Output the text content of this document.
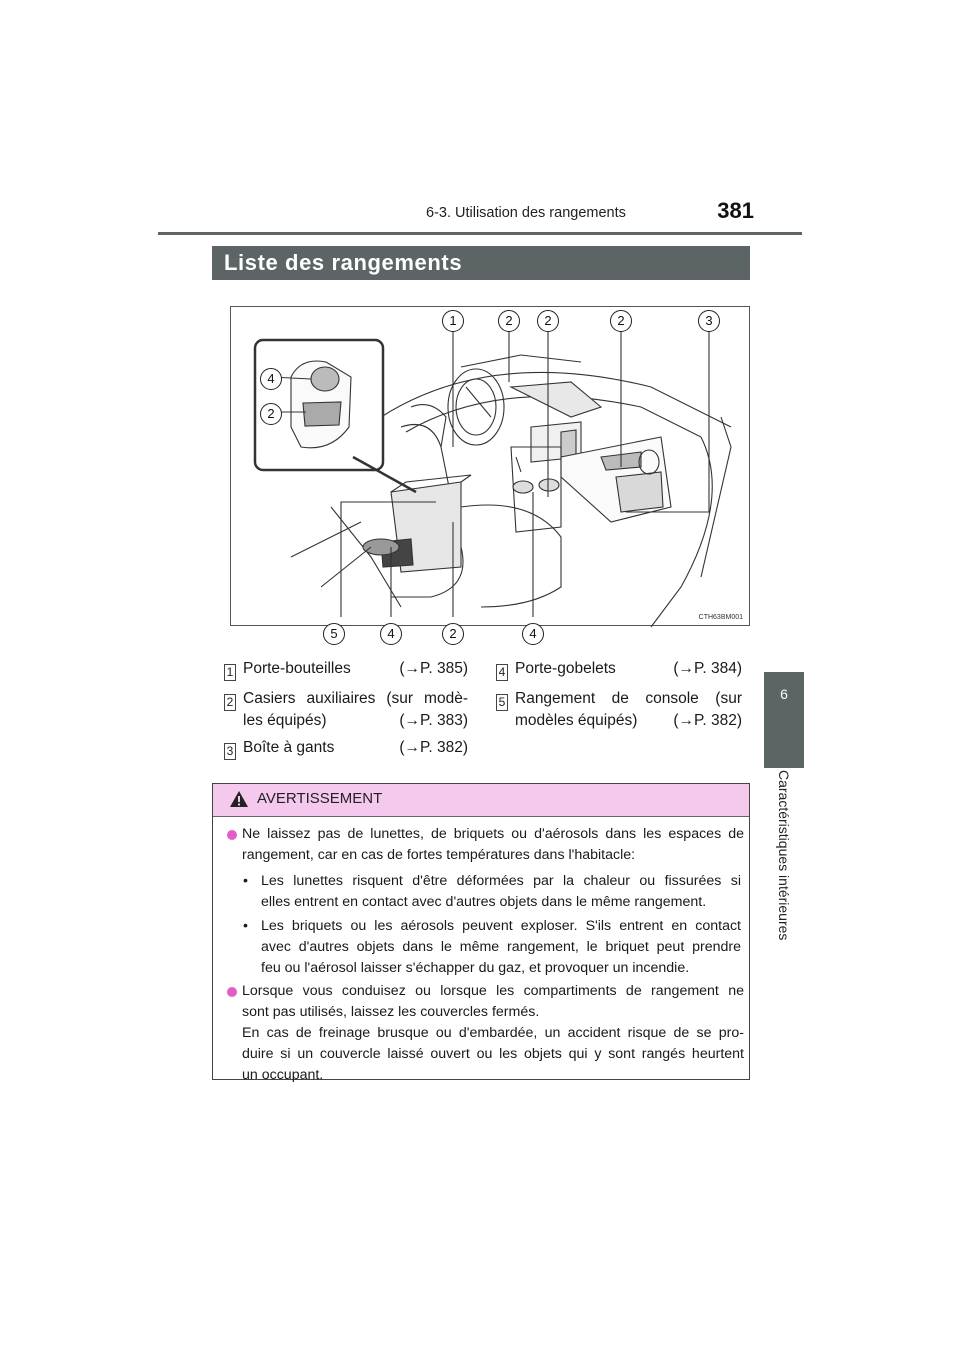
6-3. Utilisation des rangements	381
6
Caractéristiques intérieures
Liste des rangements
4
2
1	2	2	2	3
5	4	2	4
CTH63BM001
1 Porte-bouteilles	(→P. 385)
2 Casiers auxiliaires (sur modè-
les équipés)	(→P. 383)
3 Boîte à gants	(→P. 382)
4 Porte-gobelets	(→P. 384)
5 Rangement de console (sur
modèles équipés) (→P. 382)
AVERTISSEMENT
Ne laissez pas de lunettes, de briquets ou d'aérosols dans les espaces de
rangement, car en cas de fortes températures dans l'habitacle:
• Les lunettes risquent d'être déformées par la chaleur ou fissurées si
elles entrent en contact avec d'autres objets dans le même rangement.
• Les briquets ou les aérosols peuvent exploser. S'ils entrent en contact
avec d'autres objets dans le même rangement, le briquet peut prendre
feu ou l'aérosol laisser s'échapper du gaz, et provoquer un incendie.
Lorsque vous conduisez ou lorsque les compartiments de rangement ne
sont pas utilisés, laissez les couvercles fermés.
En cas de freinage brusque ou d'embardée, un accident risque de se pro-
duire si un couvercle laissé ouvert ou les objets qui y sont rangés heurtent
un occupant.
